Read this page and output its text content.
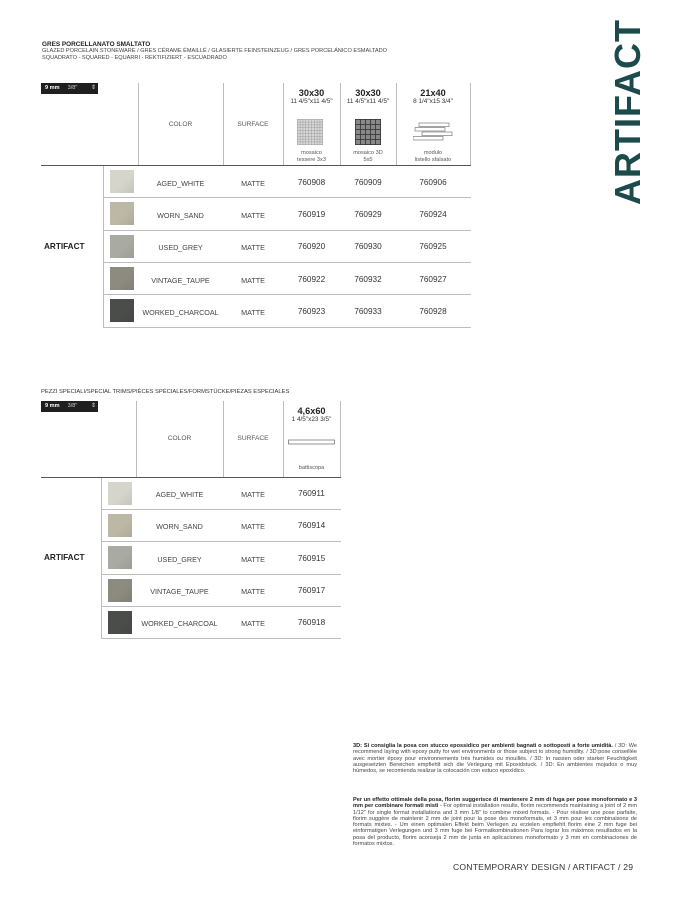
GRES PORCELLANATO SMALTATO
GLAZED PORCELAIN STONEWARE / GRES CÉRAME ÉMAILLÉ / GLASIERTE FEINSTEINZEUG / GRES PORCELÁNICO ESMALTADO
SQUADRATO - SQUARED - EQUARRI - REKTIFIZIERT - ESCUADRADO	ARTIFACT
9 mm 3/8" ⇕
COLOR	SURFACE
30x30
11 4/5"x11 4/5"
mosaico
tessere 3x3
30x30
11 4/5"x11 4/5"
mosaico 3D
5x5
21x40
8 1/4"x15 3/4"
modulo
listello sfalsato
ARTIFACT
AGED_WHITE	MATTE	760908	760909	760906
WORN_SAND	MATTE	760919	760929	760924
USED_GREY	MATTE	760920	760930	760925
VINTAGE_TAUPE	MATTE	760922	760932	760927
WORKED_CHARCOAL	MATTE	760923	760933	760928
PEZZI SPECIALI/SPECIAL TRIMS/PIÈCES SPÉCIALES/FORMSTÜCKE/PIEZAS ESPECIALES
9 mm 3/8" ⇕
COLOR	SURFACE
4,6x60
1 4/5"x23 3/5"
battiscopa
ARTIFACT
AGED_WHITE	MATTE	760911
WORN_SAND	MATTE	760914
USED_GREY	MATTE	760915
VINTAGE_TAUPE	MATTE	760917
WORKED_CHARCOAL	MATTE	760918
3D: Si consiglia la posa con stucco epossidico per ambienti bagnati o sottoposti a forte umidità. / 3D: We recommend laying with epoxy putty for wet environments or those subject to strong humidity. / 3D:pose conseillée avec mortier époxy pour environnements très humides ou mouillés. / 3D: In nassen oder starker Feuchtigkeit ausgesetzten Bereichen empfiehlt sich die Verlegung mit Epoxidstuck. / 3D: En ambientes mojados o muy húmedos, se recomienda realizar la colocación con estuco epoxídico.
Per un effetto ottimale della posa, florim suggerisce di mantenere 2 mm di fuga per pose monoformato e 3 mm per combinare formati misti - For optimal installation results, florim recommends maintaining a joint of 2 mm 1/12" for single format installations and 3 mm 1/8" to combine mixed formats. - Pour réaliser une pose parfaite, florim suggère de maintenir 2 mm de joint pour la pose des monoformats, et 3 mm pour les combinaisons de formats mixtes. - Um einen optimalen Effekt beim Verlegen zu erzielen empfiehlt florim eine 2 mm fuge bei einformatigen Verlegungen und 3 mm fuge bei Formatkombinationen Para lograr los máximos resultados en la posa del producto, florim aconseja 2 mm de junta en aplicaciones monoformato y 3 mm en combinaciones de formatos mixtos.
CONTEMPORARY DESIGN / ARTIFACT / 29
